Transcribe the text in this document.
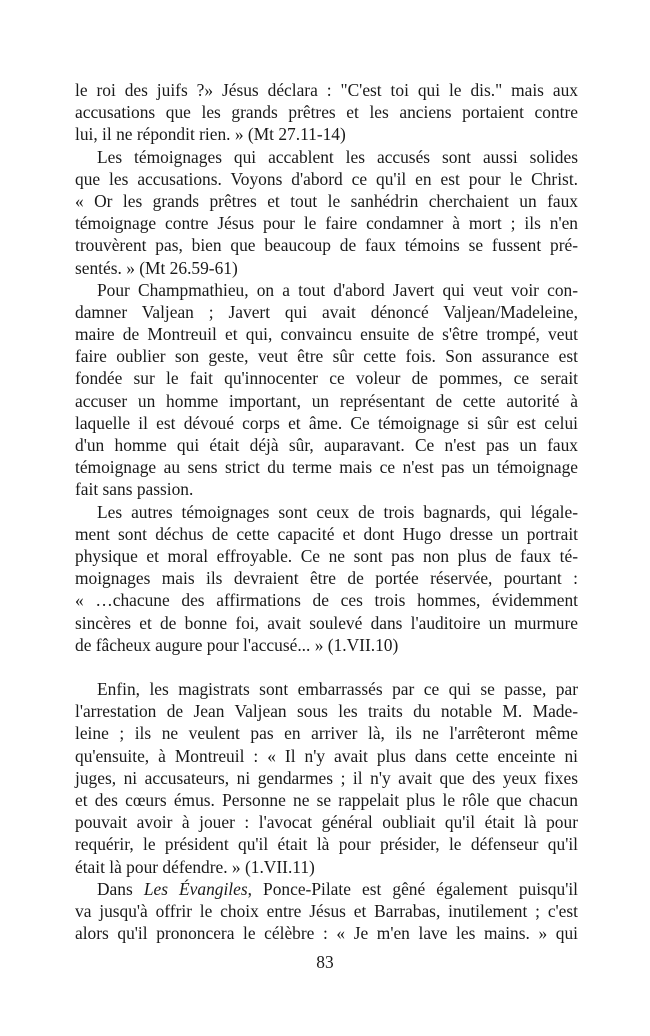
le roi des juifs ?» Jésus déclara : "C'est toi qui le dis." mais aux
accusations que les grands prêtres et les anciens portaient contre
lui, il ne répondit rien. » (Mt 27.11-14)
Les témoignages qui accablent les accusés sont aussi solides
que les accusations. Voyons d'abord ce qu'il en est pour le Christ.
« Or les grands prêtres et tout le sanhédrin cherchaient un faux
témoignage contre Jésus pour le faire condamner à mort ; ils n'en
trouvèrent pas, bien que beaucoup de faux témoins se fussent pré-
sentés. » (Mt 26.59-61)
Pour Champmathieu, on a tout d'abord Javert qui veut voir con-
damner Valjean ; Javert qui avait dénoncé Valjean/Madeleine,
maire de Montreuil et qui, convaincu ensuite de s'être trompé, veut
faire oublier son geste, veut être sûr cette fois. Son assurance est
fondée sur le fait qu'innocenter ce voleur de pommes, ce serait
accuser un homme important, un représentant de cette autorité à
laquelle il est dévoué corps et âme. Ce témoignage si sûr est celui
d'un homme qui était déjà sûr, auparavant. Ce n'est pas un faux
témoignage au sens strict du terme mais ce n'est pas un témoignage
fait sans passion.
Les autres témoignages sont ceux de trois bagnards, qui légale-
ment sont déchus de cette capacité et dont Hugo dresse un portrait
physique et moral effroyable. Ce ne sont pas non plus de faux té-
moignages mais ils devraient être de portée réservée, pourtant :
« …chacune des affirmations de ces trois hommes, évidemment
sincères et de bonne foi, avait soulevé dans l'auditoire un murmure
de fâcheux augure pour l'accusé... » (1.VII.10)
Enfin, les magistrats sont embarrassés par ce qui se passe, par
l'arrestation de Jean Valjean sous les traits du notable M. Made-
leine ; ils ne veulent pas en arriver là, ils ne l'arrêteront même
qu'ensuite, à Montreuil : « Il n'y avait plus dans cette enceinte ni
juges, ni accusateurs, ni gendarmes ; il n'y avait que des yeux fixes
et des cœurs émus. Personne ne se rappelait plus le rôle que chacun
pouvait avoir à jouer : l'avocat général oubliait qu'il était là pour
requérir, le président qu'il était là pour présider, le défenseur qu'il
était là pour défendre. » (1.VII.11)
Dans Les Évangiles, Ponce-Pilate est gêné également puisqu'il
va jusqu'à offrir le choix entre Jésus et Barrabas, inutilement ; c'est
alors qu'il prononcera le célèbre : « Je m'en lave les mains. » qui
83
